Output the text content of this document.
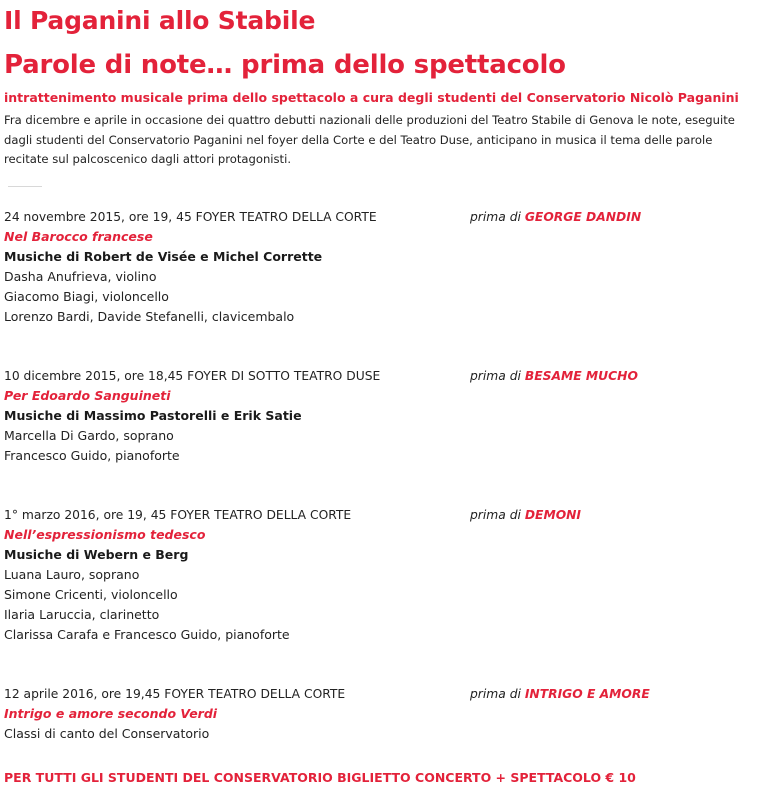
Il Paganini allo Stabile
Parole di note… prima dello spettacolo

intrattenimento musicale prima dello spettacolo a cura degli studenti del Conservatorio Nicolò Paganini

Fra dicembre e aprile in occasione dei quattro debutti nazionali delle produzioni del Teatro Stabile di Genova le note, eseguite dagli studenti del Conservatorio Paganini nel foyer della Corte e del Teatro Duse, anticipano in musica il tema delle parole recitate sul palcoscenico dagli attori protagonisti.

24 novembre 2015, ore 19, 45 FOYER TEATRO DELLA CORTE	prima di GEORGE DANDIN
Nel Barocco francese
Musiche di Robert de Visée e Michel Corrette
Dasha Anufrieva, violino
Giacomo Biagi, violoncello
Lorenzo Bardi, Davide Stefanelli, clavicembalo
10 dicembre 2015, ore 18,45 FOYER DI SOTTO TEATRO DUSE	prima di BESAME MUCHO
Per Edoardo Sanguineti
Musiche di Massimo Pastorelli e Erik Satie
Marcella Di Gardo, soprano
Francesco Guido, pianoforte
1° marzo 2016, ore 19, 45 FOYER TEATRO DELLA CORTE	prima di DEMONI
Nell’espressionismo tedesco
Musiche di Webern e Berg
Luana Lauro, soprano
Simone Cricenti, violoncello
Ilaria Laruccia, clarinetto
Clarissa Carafa e Francesco Guido, pianoforte
12 aprile 2016, ore 19,45 FOYER TEATRO DELLA CORTE	prima di INTRIGO E AMORE
Intrigo e amore secondo Verdi
Classi di canto del Conservatorio

PER TUTTI GLI STUDENTI DEL CONSERVATORIO BIGLIETTO CONCERTO + SPETTACOLO € 10
